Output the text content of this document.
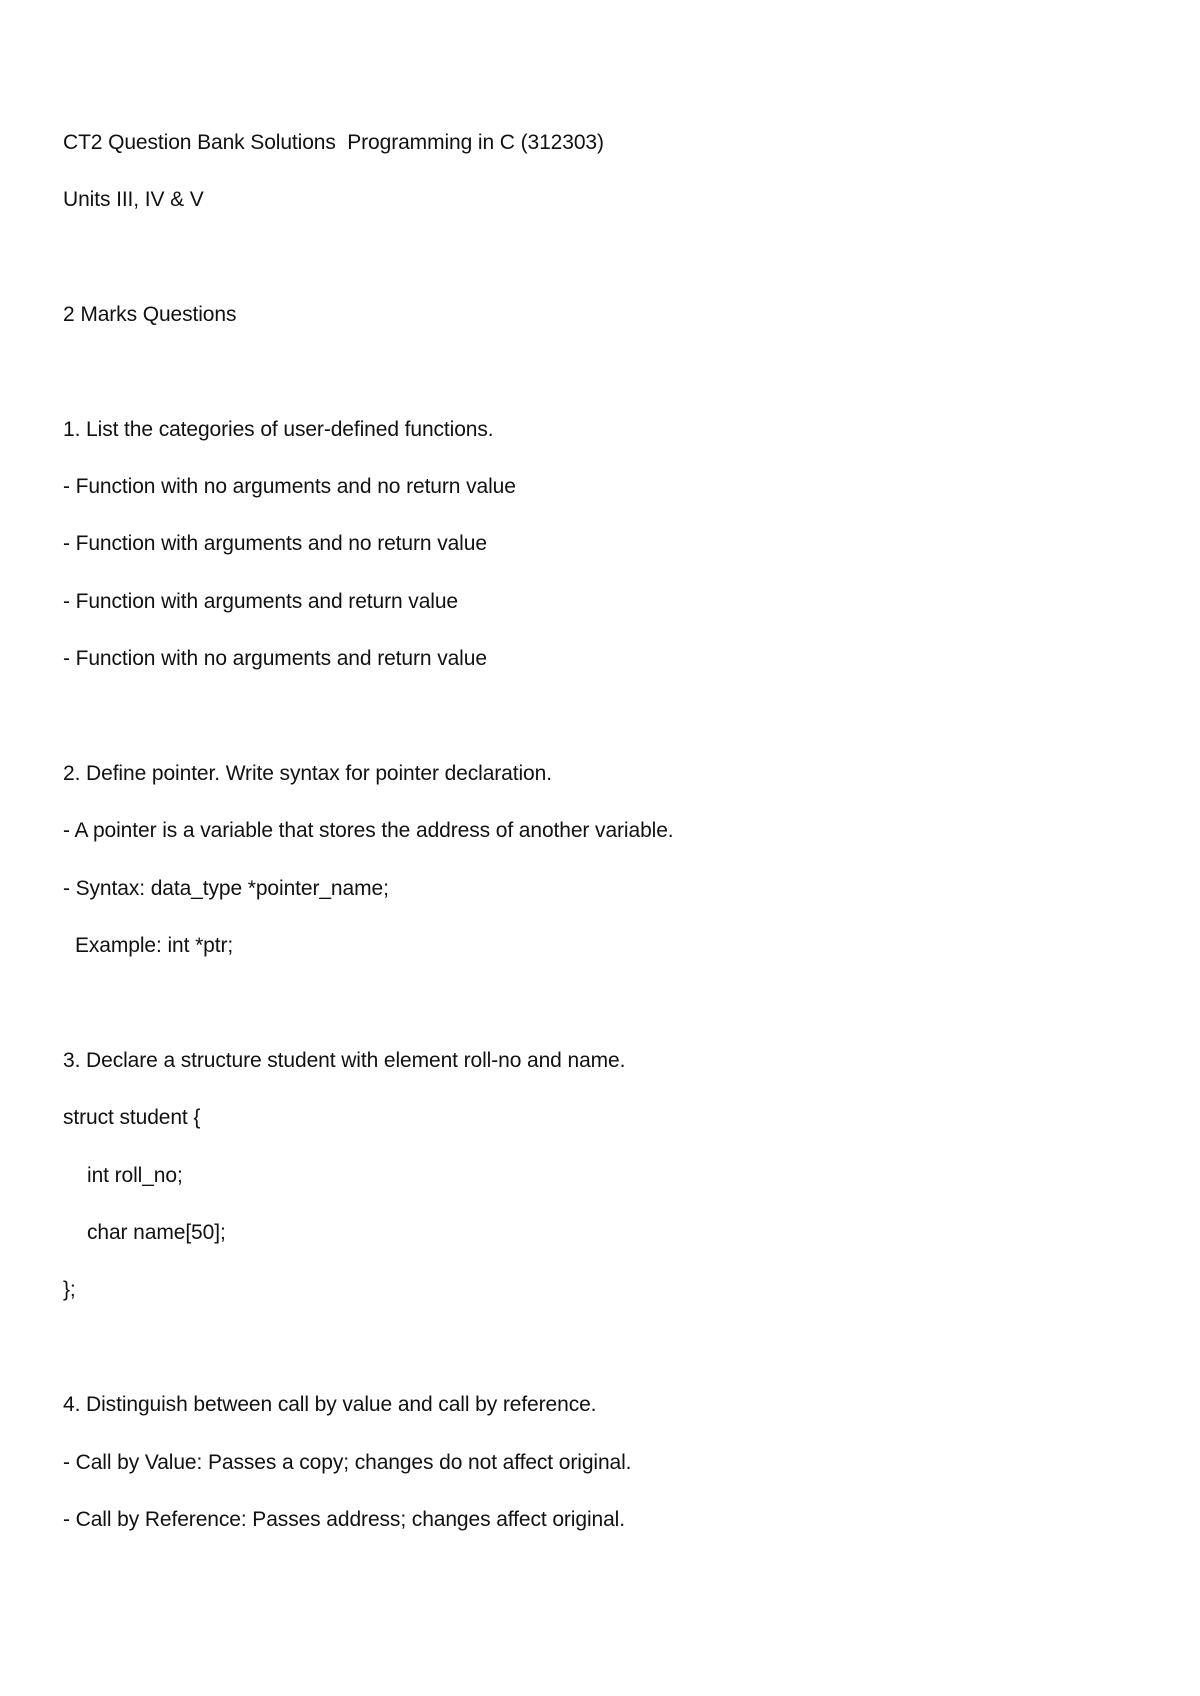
CT2 Question Bank Solutions  Programming in C (312303)
Units III, IV & V
2 Marks Questions
1. List the categories of user-defined functions.
- Function with no arguments and no return value
- Function with arguments and no return value
- Function with arguments and return value
- Function with no arguments and return value
2. Define pointer. Write syntax for pointer declaration.
- A pointer is a variable that stores the address of another variable.
- Syntax: data_type *pointer_name;
Example: int *ptr;
3. Declare a structure student with element roll-no and name.
struct student {
int roll_no;
char name[50];
};
4. Distinguish between call by value and call by reference.
- Call by Value: Passes a copy; changes do not affect original.
- Call by Reference: Passes address; changes affect original.
